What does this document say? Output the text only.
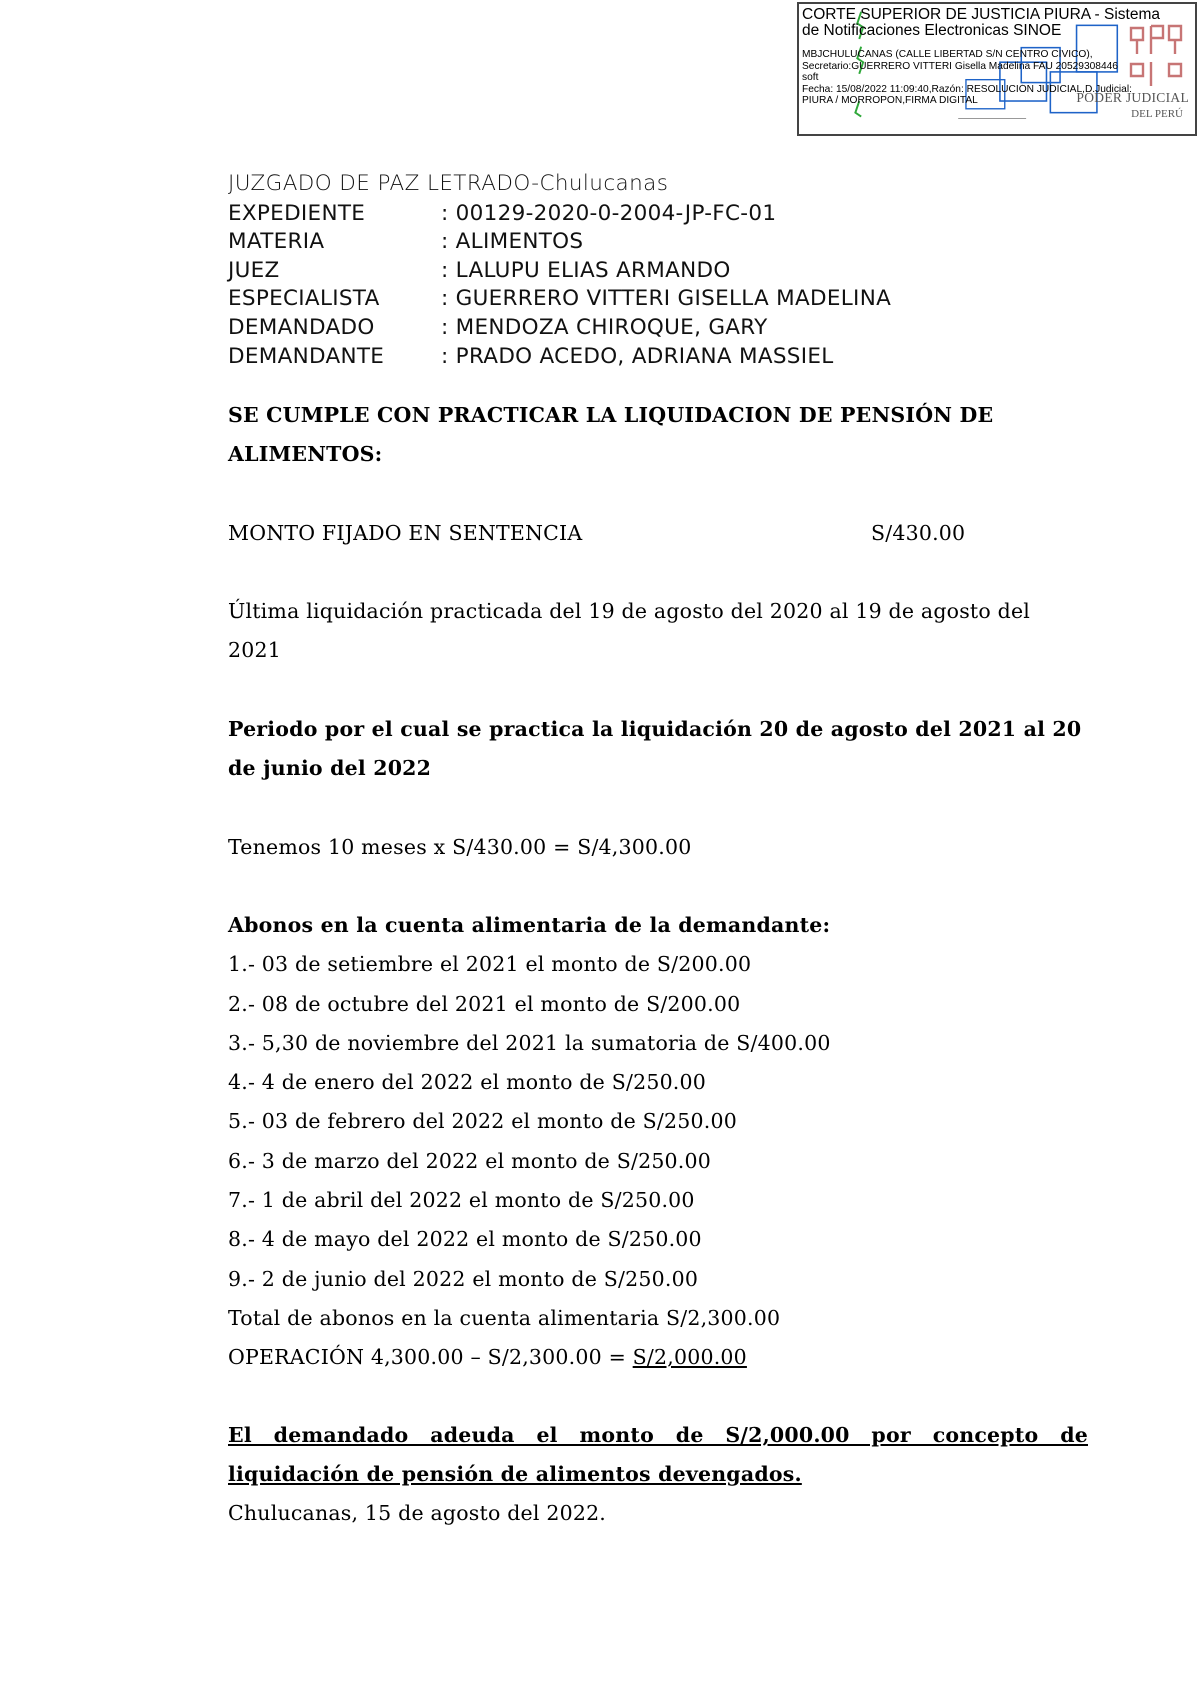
CORTE SUPERIOR DE JUSTICIA PIURA - Sistema
de Notificaciones Electronicas SINOE
MBJCHULUCANAS (CALLE LIBERTAD S/N CENTRO CIVICO),
Secretario:GUERRERO VITTERI Gisella Madelina FAU 20529308446
soft
Fecha: 15/08/2022 11:09:40,Razón: RESOLUCIÓN JUDICIAL,D.Judicial:
PIURA / MORROPON,FIRMA DIGITAL	PODER JUDICIAL
DEL PERÚ
JUZGADO DE PAZ LETRADO-Chulucanas
EXPEDIENTE	: 00129-2020-0-2004-JP-FC-01
MATERIA	: ALIMENTOS
JUEZ	: LALUPU ELIAS ARMANDO
ESPECIALISTA	: GUERRERO VITTERI GISELLA MADELINA
DEMANDADO	: MENDOZA CHIROQUE, GARY
DEMANDANTE	: PRADO ACEDO, ADRIANA MASSIEL
SE CUMPLE CON PRACTICAR LA LIQUIDACION DE PENSIÓN DE
ALIMENTOS:
MONTO FIJADO EN SENTENCIA	S/430.00
Última liquidación practicada del 19 de agosto del 2020 al 19 de agosto del
2021
Periodo por el cual se practica la liquidación 20 de agosto del 2021 al 20
de junio del 2022
Tenemos 10 meses x S/430.00 = S/4,300.00
Abonos en la cuenta alimentaria de la demandante:
1.- 03 de setiembre el 2021 el monto de S/200.00
2.- 08 de octubre del 2021 el monto de S/200.00
3.- 5,30 de noviembre del 2021 la sumatoria de S/400.00
4.- 4 de enero del 2022 el monto de S/250.00
5.- 03 de febrero del 2022 el monto de S/250.00
6.- 3 de marzo del 2022 el monto de S/250.00
7.- 1 de abril del 2022 el monto de S/250.00
8.- 4 de mayo del 2022 el monto de S/250.00
9.- 2 de junio del 2022 el monto de S/250.00
Total de abonos en la cuenta alimentaria S/2,300.00
OPERACIÓN 4,300.00 – S/2,300.00 = S/2,000.00
El demandado adeuda el monto de S/2,000.00 por concepto de
liquidación de pensión de alimentos devengados.
Chulucanas, 15 de agosto del 2022.
